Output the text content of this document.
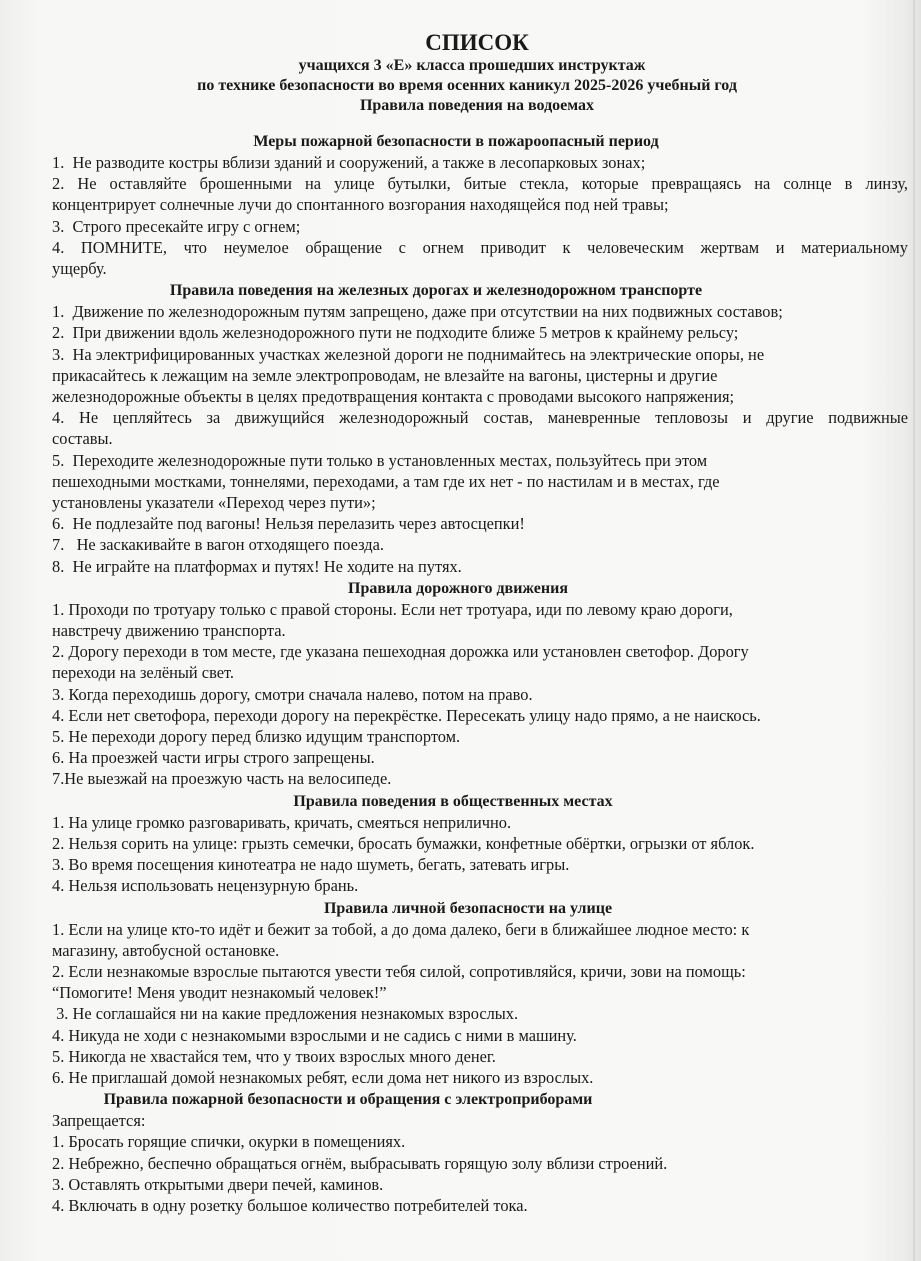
СПИСОК
учащихся 3 «Е» класса прошедших инструктаж
по технике безопасности во время осенних каникул 2025-2026 учебный год
Правила поведения на водоемах
Меры пожарной безопасности в пожароопасный период
1.  Не разводите костры вблизи зданий и сооружений, а также в лесопарковых зонах;
2. Не оставляйте брошенными на улице бутылки, битые стекла, которые превращаясь на солнце в линзу,
концентрирует солнечные лучи до спонтанного возгорания находящейся под ней травы;
3.  Строго пресекайте игру с огнем;
4. ПОМНИТЕ, что неумелое обращение с огнем приводит к человеческим жертвам и материальному
ущербу.
Правила поведения на железных дорогах и железнодорожном транспорте
1.  Движение по железнодорожным путям запрещено, даже при отсутствии на них подвижных составов;
2.  При движении вдоль железнодорожного пути не подходите ближе 5 метров к крайнему рельсу;
3.  На электрифицированных участках железной дороги не поднимайтесь на электрические опоры, не
прикасайтесь к лежащим на земле электропроводам, не влезайте на вагоны, цистерны и другие
железнодорожные объекты в целях предотвращения контакта с проводами высокого напряжения;
4. Не цепляйтесь за движущийся железнодорожный состав, маневренные тепловозы и другие подвижные
составы.
5.  Переходите железнодорожные пути только в установленных местах, пользуйтесь при этом
пешеходными мостками, тоннелями, переходами, а там где их нет - по настилам и в местах, где
установлены указатели «Переход через пути»;
6.  Не подлезайте под вагоны! Нельзя перелазить через автосцепки!
7.   Не заскакивайте в вагон отходящего поезда.
8.  Не играйте на платформах и путях! Не ходите на путях.
Правила дорожного движения
1. Проходи по тротуару только с правой стороны. Если нет тротуара, иди по левому краю дороги,
навстречу движению транспорта.
2. Дорогу переходи в том месте, где указана пешеходная дорожка или установлен светофор. Дорогу
переходи на зелёный свет.
3. Когда переходишь дорогу, смотри сначала налево, потом на право.
4. Если нет светофора, переходи дорогу на перекрёстке. Пересекать улицу надо прямо, а не наискось.
5. Не переходи дорогу перед близко идущим транспортом.
6. На проезжей части игры строго запрещены.
7.Не выезжай на проезжую часть на велосипеде.
Правила поведения в общественных местах
1. На улице громко разговаривать, кричать, смеяться неприлично.
2. Нельзя сорить на улице: грызть семечки, бросать бумажки, конфетные обёртки, огрызки от яблок.
3. Во время посещения кинотеатра не надо шуметь, бегать, затевать игры.
4. Нельзя использовать нецензурную брань.
Правила личной безопасности на улице
1. Если на улице кто-то идёт и бежит за тобой, а до дома далеко, беги в ближайшее людное место: к
магазину, автобусной остановке.
2. Если незнакомые взрослые пытаются увести тебя силой, сопротивляйся, кричи, зови на помощь:
“Помогите! Меня уводит незнакомый человек!”
3. Не соглашайся ни на какие предложения незнакомых взрослых.
4. Никуда не ходи с незнакомыми взрослыми и не садись с ними в машину.
5. Никогда не хвастайся тем, что у твоих взрослых много денег.
6. Не приглашай домой незнакомых ребят, если дома нет никого из взрослых.
Правила пожарной безопасности и обращения с электроприборами
Запрещается:
1. Бросать горящие спички, окурки в помещениях.
2. Небрежно, беспечно обращаться огнём, выбрасывать горящую золу вблизи строений.
3. Оставлять открытыми двери печей, каминов.
4. Включать в одну розетку большое количество потребителей тока.
